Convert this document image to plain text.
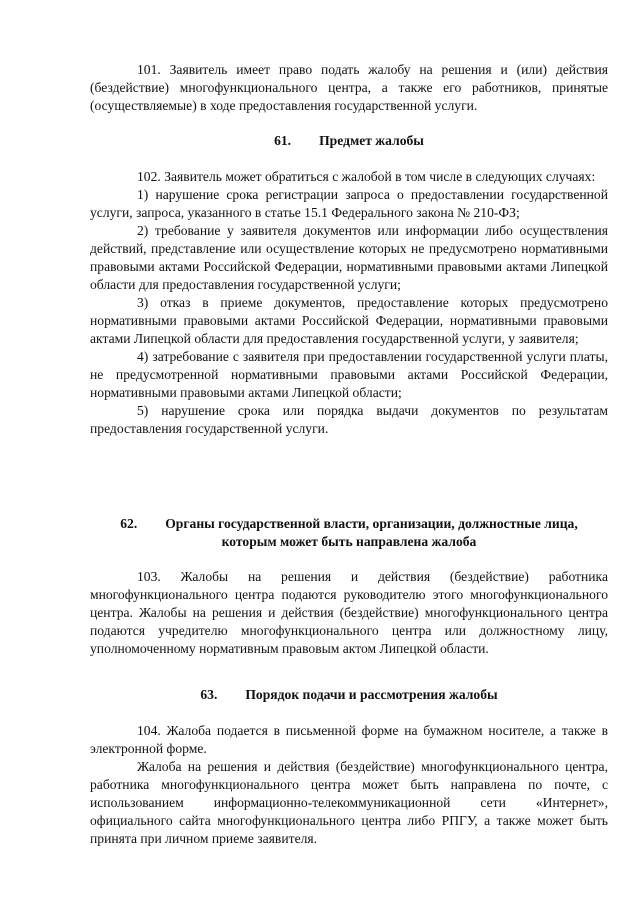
101. Заявитель имеет право подать жалобу на решения и (или) действия (бездействие) многофункционального центра, а также его работников, принятые (осуществляемые) в ходе предоставления государственной услуги.

61. Предмет жалобы

102. Заявитель может обратиться с жалобой в том числе в следующих случаях:

1) нарушение срока регистрации запроса о предоставлении государственной услуги, запроса, указанного в статье 15.1 Федерального закона № 210-ФЗ;

2) требование у заявителя документов или информации либо осуществления действий, представление или осуществление которых не предусмотрено нормативными правовыми актами Российской Федерации, нормативными правовыми актами Липецкой области для предоставления государственной услуги;

3) отказ в приеме документов, предоставление которых предусмотрено нормативными правовыми актами Российской Федерации, нормативными правовыми актами Липецкой области для предоставления государственной услуги, у заявителя;

4) затребование с заявителя при предоставлении государственной услуги платы, не предусмотренной нормативными правовыми актами Российской Федерации, нормативными правовыми актами Липецкой области;

5) нарушение срока или порядка выдачи документов по результатам предоставления государственной услуги.

62. Органы государственной власти, организации, должностные лица,
которым может быть направлена жалоба

103. Жалобы на решения и действия (бездействие) работника многофункционального центра подаются руководителю этого многофункционального центра. Жалобы на решения и действия (бездействие) многофункционального центра подаются учредителю многофункционального центра или должностному лицу, уполномоченному нормативным правовым актом Липецкой области.

63. Порядок подачи и рассмотрения жалобы

104. Жалоба подается в письменной форме на бумажном носителе, а также в электронной форме.

Жалоба на решения и действия (бездействие) многофункционального центра, работника многофункционального центра может быть направлена по почте, с использованием информационно-телекоммуникационной сети «Интернет», официального сайта многофункционального центра либо РПГУ, а также может быть принята при личном приеме заявителя.
